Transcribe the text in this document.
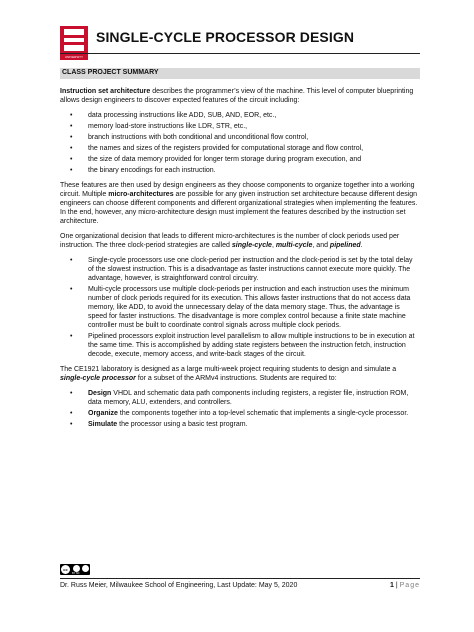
UNIVERSITY
SINGLE-CYCLE PROCESSOR DESIGN
CLASS PROJECT SUMMARY

Instruction set architecture describes the programmer’s view of the machine. This level of computer blueprinting allows design engineers to discover expected features of the circuit including:

• data processing instructions like ADD, SUB, AND, EOR, etc.,
• memory load-store instructions like LDR, STR, etc.,
• branch instructions with both conditional and unconditional flow control,
• the names and sizes of the registers provided for computational storage and flow control,
• the size of data memory provided for longer term storage during program execution, and
• the binary encodings for each instruction.

These features are then used by design engineers as they choose components to organize together into a working circuit. Multiple micro-architectures are possible for any given instruction set architecture because different design engineers can choose different components and different organizational strategies when implementing the features. In the end, however, any micro-architecture design must implement the features described by the instruction set architecture.

One organizational decision that leads to different micro-architectures is the number of clock periods used per instruction. The three clock-period strategies are called single-cycle, multi-cycle, and pipelined.

• Single-cycle processors use one clock-period per instruction and the clock-period is set by the total delay of the slowest instruction. This is a disadvantage as faster instructions cannot execute more quickly. The advantage, however, is straightforward control circuitry.
• Multi-cycle processors use multiple clock-periods per instruction and each instruction uses the minimum number of clock periods required for its execution. This allows faster instructions that do not access data memory, like ADD, to avoid the unnecessary delay of the data memory stage. Thus, the advantage is speed for faster instructions. The disadvantage is more complex control because a finite state machine controller must be built to coordinate control signals across multiple clock periods.
• Pipelined processors exploit instruction level parallelism to allow multiple instructions to be in execution at the same time. This is accomplished by adding state registers between the instruction fetch, instruction decode, execute, memory access, and write-back stages of the circuit.

The CE1921 laboratory is designed as a large multi-week project requiring students to design and simulate a single-cycle processor for a subset of the ARMv4 instructions. Students are required to:

• Design VHDL and schematic data path components including registers, a register file, instruction ROM, data memory, ALU, extenders, and controllers.
• Organize the components together into a top-level schematic that implements a single-cycle processor.
• Simulate the processor using a basic test program.
cc
BY NC
Dr. Russ Meier, Milwaukee School of Engineering, Last Update: May 5, 2020	1 | Page
